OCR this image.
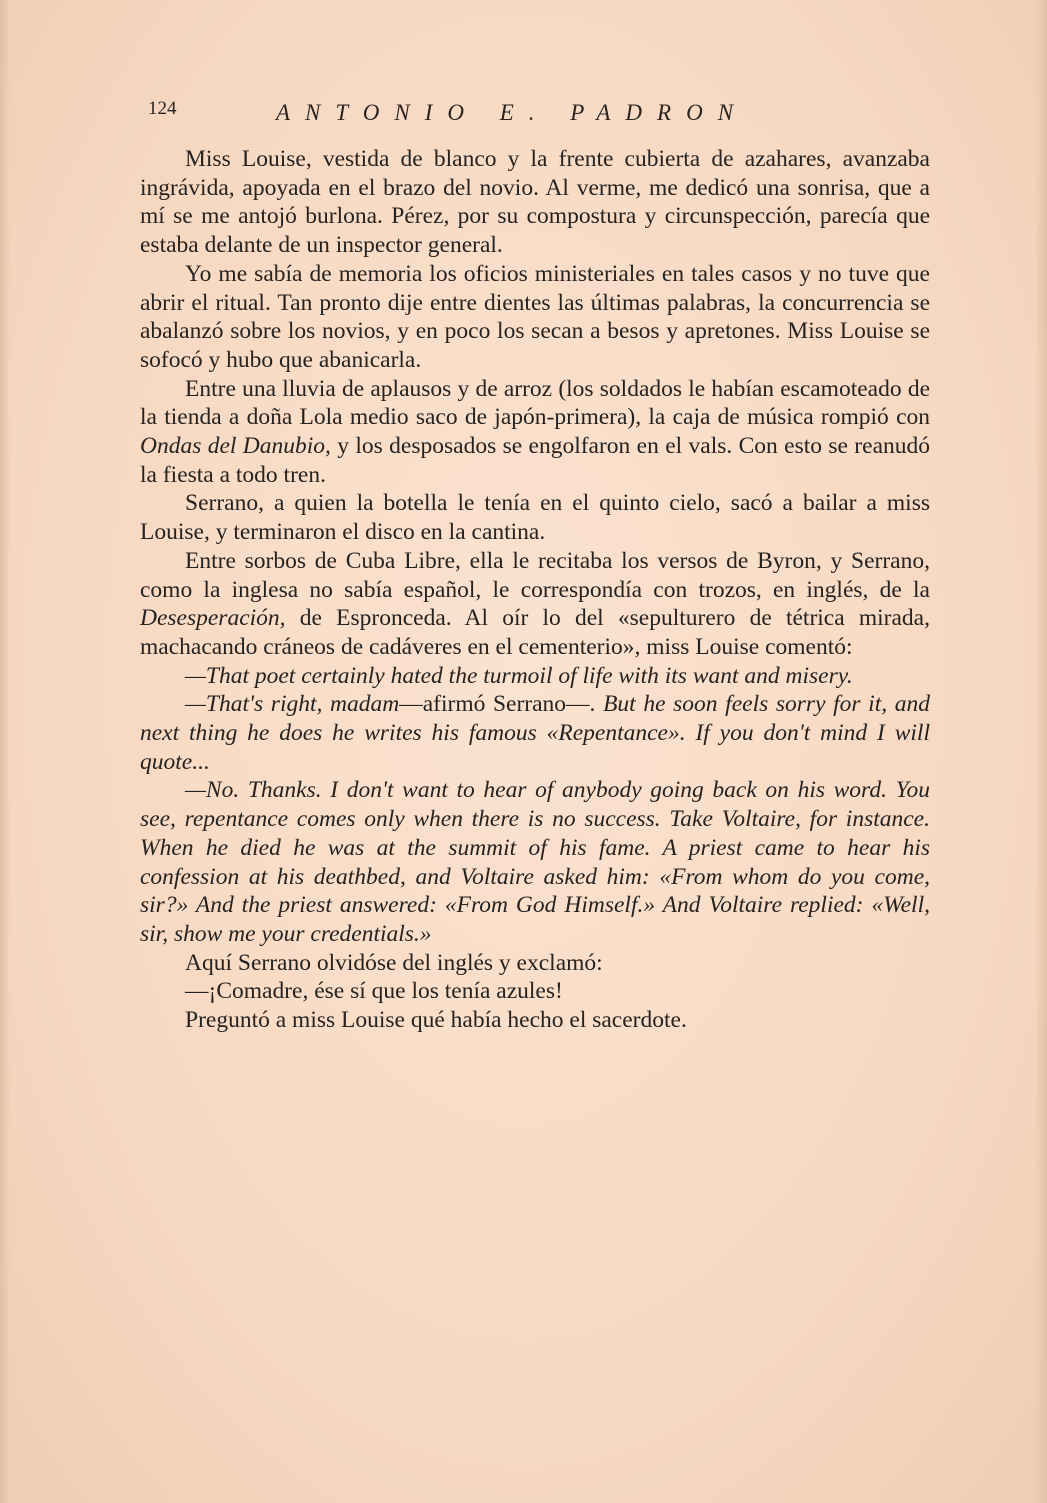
124	ANTONIO E. PADRON

Miss Louise, vestida de blanco y la frente cubierta de azahares, avanzaba ingrávida, apoyada en el brazo del novio. Al verme, me dedicó una sonrisa, que a mí se me antojó burlona. Pérez, por su compostura y circunspección, parecía que estaba delante de un inspector general.

Yo me sabía de memoria los oficios ministeriales en tales casos y no tuve que abrir el ritual. Tan pronto dije entre dientes las últimas palabras, la concurrencia se abalanzó sobre los novios, y en poco los secan a besos y apretones. Miss Louise se sofocó y hubo que abanicarla.

Entre una lluvia de aplausos y de arroz (los soldados le habían escamoteado de la tienda a doña Lola medio saco de japón-primera), la caja de música rompió con Ondas del Danubio, y los desposados se engolfaron en el vals. Con esto se reanudó la fiesta a todo tren.

Serrano, a quien la botella le tenía en el quinto cielo, sacó a bailar a miss Louise, y terminaron el disco en la cantina.

Entre sorbos de Cuba Libre, ella le recitaba los versos de Byron, y Serrano, como la inglesa no sabía español, le correspondía con trozos, en inglés, de la Desesperación, de Espronceda. Al oír lo del «sepulturero de tétrica mirada, machacando cráneos de cadáveres en el cementerio», miss Louise comentó:

—That poet certainly hated the turmoil of life with its want and misery.

—That's right, madam—afirmó Serrano—. But he soon feels sorry for it, and next thing he does he writes his famous «Repentance». If you don't mind I will quote...

—No. Thanks. I don't want to hear of anybody going back on his word. You see, repentance comes only when there is no success. Take Voltaire, for instance. When he died he was at the summit of his fame. A priest came to hear his confession at his deathbed, and Voltaire asked him: «From whom do you come, sir?» And the priest answered: «From God Himself.» And Voltaire replied: «Well, sir, show me your credentials.»

Aquí Serrano olvidóse del inglés y exclamó:

—¡Comadre, ése sí que los tenía azules!

Preguntó a miss Louise qué había hecho el sacerdote.
